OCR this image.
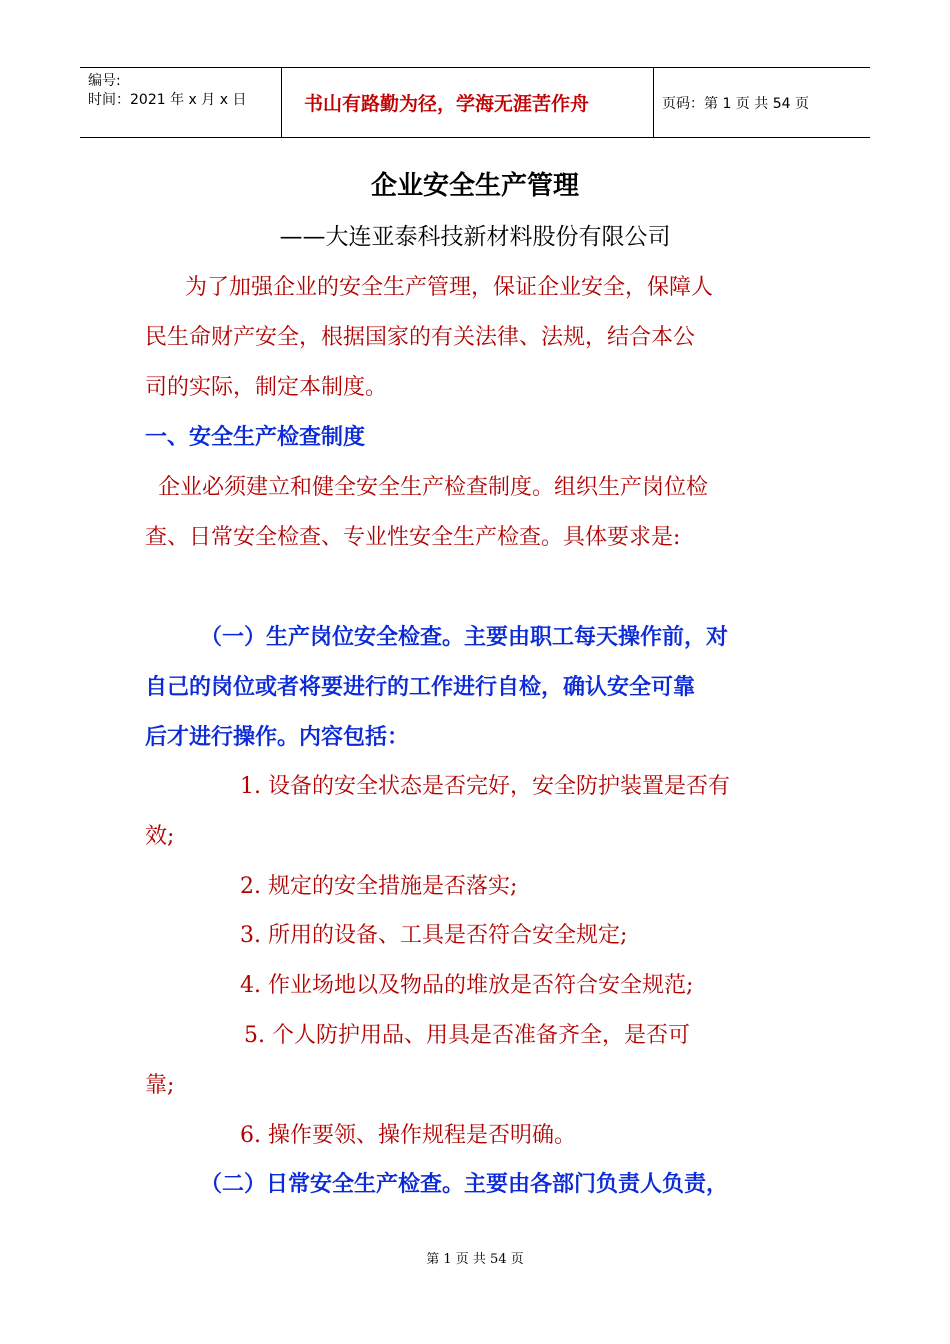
编号:
时间：2021 年 x 月 x 日	书山有路勤为径，学海无涯苦作舟	页码：第 1 页 共 54 页
企业安全生产管理
——大连亚泰科技新材料股份有限公司
为了加强企业的安全生产管理，保证企业安全，保障人
民生命财产安全，根据国家的有关法律、法规，结合本公
司的实际，制定本制度。
一、安全生产检查制度
企业必须建立和健全安全生产检查制度。组织生产岗位检
查、日常安全检查、专业性安全生产检查。具体要求是:
（一）生产岗位安全检查。主要由职工每天操作前，对
自己的岗位或者将要进行的工作进行自检，确认安全可靠
后才进行操作。内容包括：
1. 设备的安全状态是否完好，安全防护装置是否有
效;
2. 规定的安全措施是否落实;
3. 所用的设备、工具是否符合安全规定;
4. 作业场地以及物品的堆放是否符合安全规范;
5. 个人防护用品、用具是否准备齐全，是否可
靠;
6. 操作要领、操作规程是否明确。
（二）日常安全生产检查。主要由各部门负责人负责，
第 1 页 共 54 页
